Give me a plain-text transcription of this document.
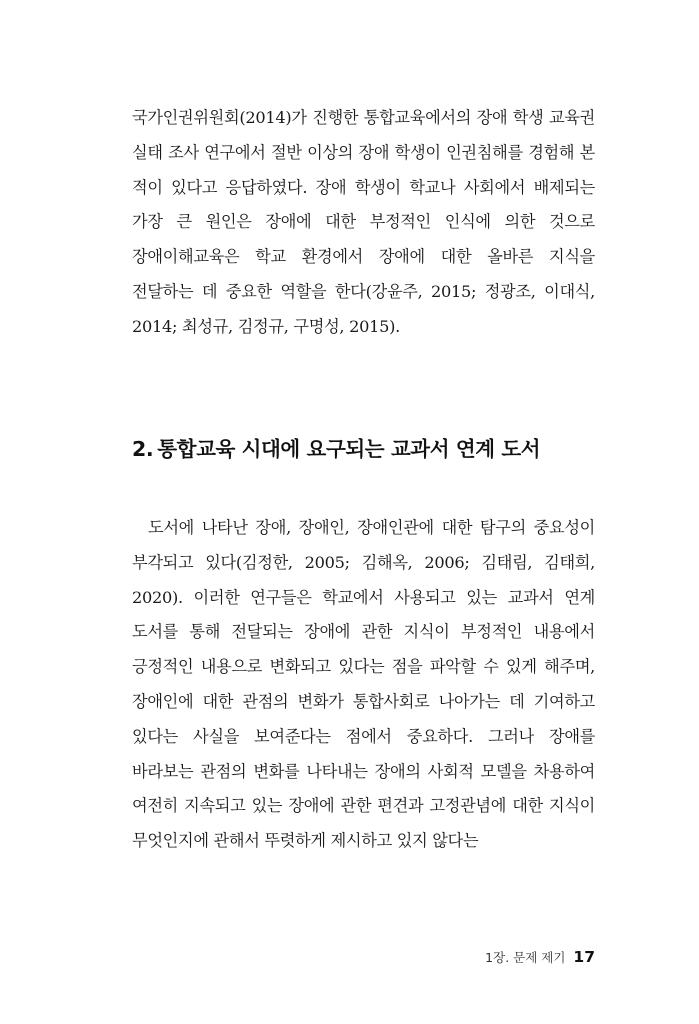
국가인권위원회(2014)가 진행한 통합교육에서의 장애 학생 교육권 실태 조사 연구에서 절반 이상의 장애 학생이 인권침해를 경험해 본 적이 있다고 응답하였다. 장애 학생이 학교나 사회에서 배제되는 가장 큰 원인은 장애에 대한 부정적인 인식에 의한 것으로 장애이해교육은 학교 환경에서 장애에 대한 올바른 지식을 전달하는 데 중요한 역할을 한다(강윤주, 2015; 정광조, 이대식, 2014; 최성규, 김정규, 구명성, 2015).

2. 통합교육 시대에 요구되는 교과서 연계 도서

도서에 나타난 장애, 장애인, 장애인관에 대한 탐구의 중요성이 부각되고 있다(김정한, 2005; 김해옥, 2006; 김태림, 김태희, 2020). 이러한 연구들은 학교에서 사용되고 있는 교과서 연계 도서를 통해 전달되는 장애에 관한 지식이 부정적인 내용에서 긍정적인 내용으로 변화되고 있다는 점을 파악할 수 있게 해주며, 장애인에 대한 관점의 변화가 통합사회로 나아가는 데 기여하고 있다는 사실을 보여준다는 점에서 중요하다. 그러나 장애를 바라보는 관점의 변화를 나타내는 장애의 사회적 모델을 차용하여 여전히 지속되고 있는 장애에 관한 편견과 고정관념에 대한 지식이 무엇인지에 관해서 뚜렷하게 제시하고 있지 않다는

1장. 문제 제기 17
